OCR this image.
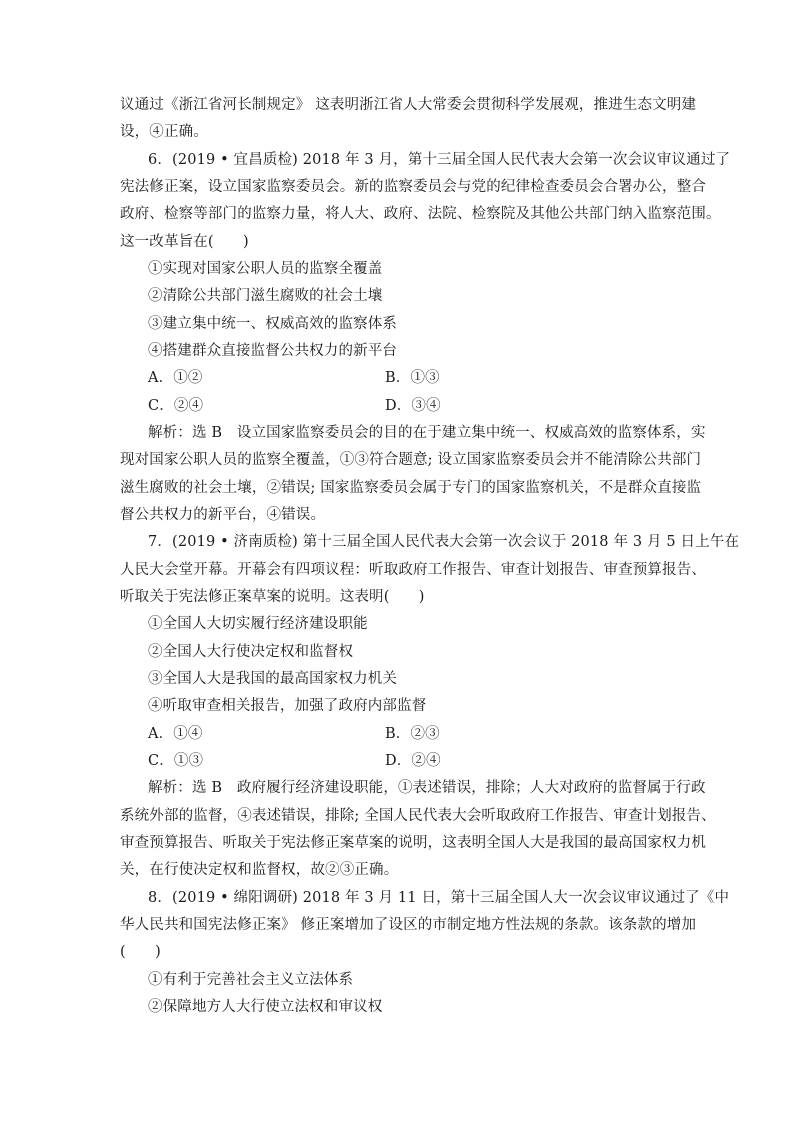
议通过《浙江省河长制规定》 这表明浙江省人大常委会贯彻科学发展观，推进生态文明建
设，④正确。
6．(2019 • 宜昌质检) 2018 年 3 月，第十三届全国人民代表大会第一次会议审议通过了
宪法修正案，设立国家监察委员会。新的监察委员会与党的纪律检查委员会合署办公，整合
政府、检察等部门的监察力量，将人大、政府、法院、检察院及其他公共部门纳入监察范围。
这一改革旨在(　　)
①实现对国家公职人员的监察全覆盖
②清除公共部门滋生腐败的社会土壤
③建立集中统一、权威高效的监察体系
④搭建群众直接监督公共权力的新平台
A．①②	B．①③
C．②④	D．③④
解析：选 B　设立国家监察委员会的目的在于建立集中统一、权威高效的监察体系，实
现对国家公职人员的监察全覆盖，①③符合题意; 设立国家监察委员会并不能清除公共部门
滋生腐败的社会土壤，②错误; 国家监察委员会属于专门的国家监察机关，不是群众直接监
督公共权力的新平台，④错误。
7．(2019 • 济南质检) 第十三届全国人民代表大会第一次会议于 2018 年 3 月 5 日上午在
人民大会堂开幕。开幕会有四项议程：听取政府工作报告、审查计划报告、审查预算报告、
听取关于宪法修正案草案的说明。这表明(　　)
①全国人大切实履行经济建设职能
②全国人大行使决定权和监督权
③全国人大是我国的最高国家权力机关
④听取审查相关报告，加强了政府内部监督
A．①④	B．②③
C．①③	D．②④
解析：选 B　政府履行经济建设职能，①表述错误，排除；人大对政府的监督属于行政
系统外部的监督，④表述错误，排除; 全国人民代表大会听取政府工作报告、审查计划报告、
审查预算报告、听取关于宪法修正案草案的说明，这表明全国人大是我国的最高国家权力机
关，在行使决定权和监督权，故②③正确。
8．(2019 • 绵阳调研) 2018 年 3 月 11 日，第十三届全国人大一次会议审议通过了《中
华人民共和国宪法修正案》 修正案增加了设区的市制定地方性法规的条款。该条款的增加
(　　)
①有利于完善社会主义立法体系
②保障地方人大行使立法权和审议权
